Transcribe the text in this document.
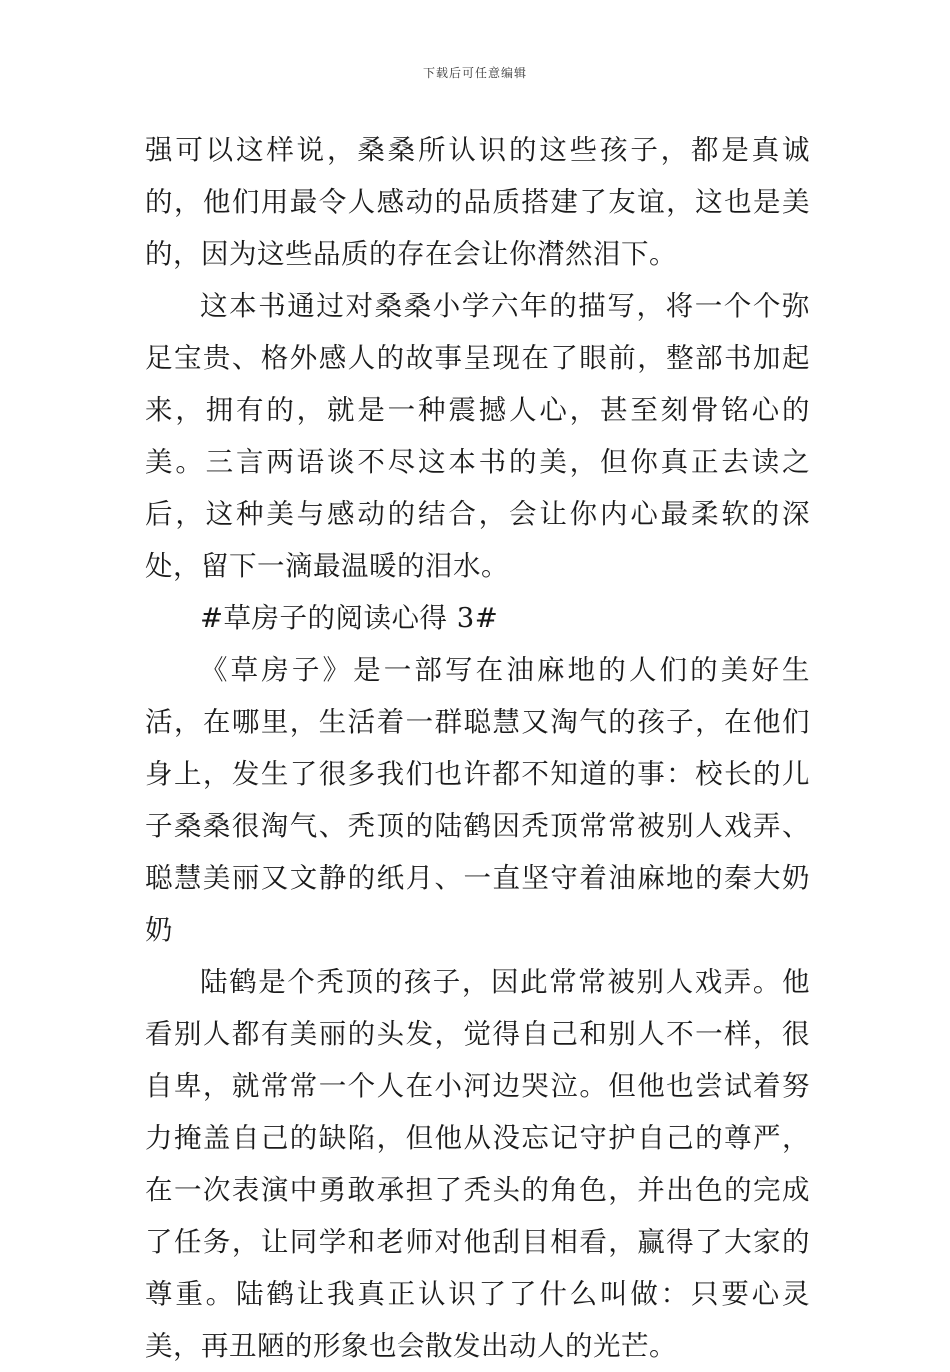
下载后可任意编辑

强可以这样说，桑桑所认识的这些孩子，都是真诚的，他们用最令人感动的品质搭建了友谊，这也是美的，因为这些品质的存在会让你潸然泪下。

这本书通过对桑桑小学六年的描写，将一个个弥足宝贵、格外感人的故事呈现在了眼前，整部书加起来，拥有的，就是一种震撼人心，甚至刻骨铭心的美。三言两语谈不尽这本书的美，但你真正去读之后，这种美与感动的结合，会让你内心最柔软的深处，留下一滴最温暖的泪水。

#草房子的阅读心得 3#

《草房子》是一部写在油麻地的人们的美好生活，在哪里，生活着一群聪慧又淘气的孩子，在他们身上，发生了很多我们也许都不知道的事：校长的儿子桑桑很淘气、秃顶的陆鹤因秃顶常常被别人戏弄、聪慧美丽又文静的纸月、一直坚守着油麻地的秦大奶奶

陆鹤是个秃顶的孩子，因此常常被别人戏弄。他看别人都有美丽的头发，觉得自己和别人不一样，很自卑，就常常一个人在小河边哭泣。但他也尝试着努力掩盖自己的缺陷，但他从没忘记守护自己的尊严，在一次表演中勇敢承担了秃头的角色，并出色的完成了任务，让同学和老师对他刮目相看，赢得了大家的尊重。陆鹤让我真正认识了了什么叫做：只要心灵美，再丑陋的形象也会散发出动人的光芒。
